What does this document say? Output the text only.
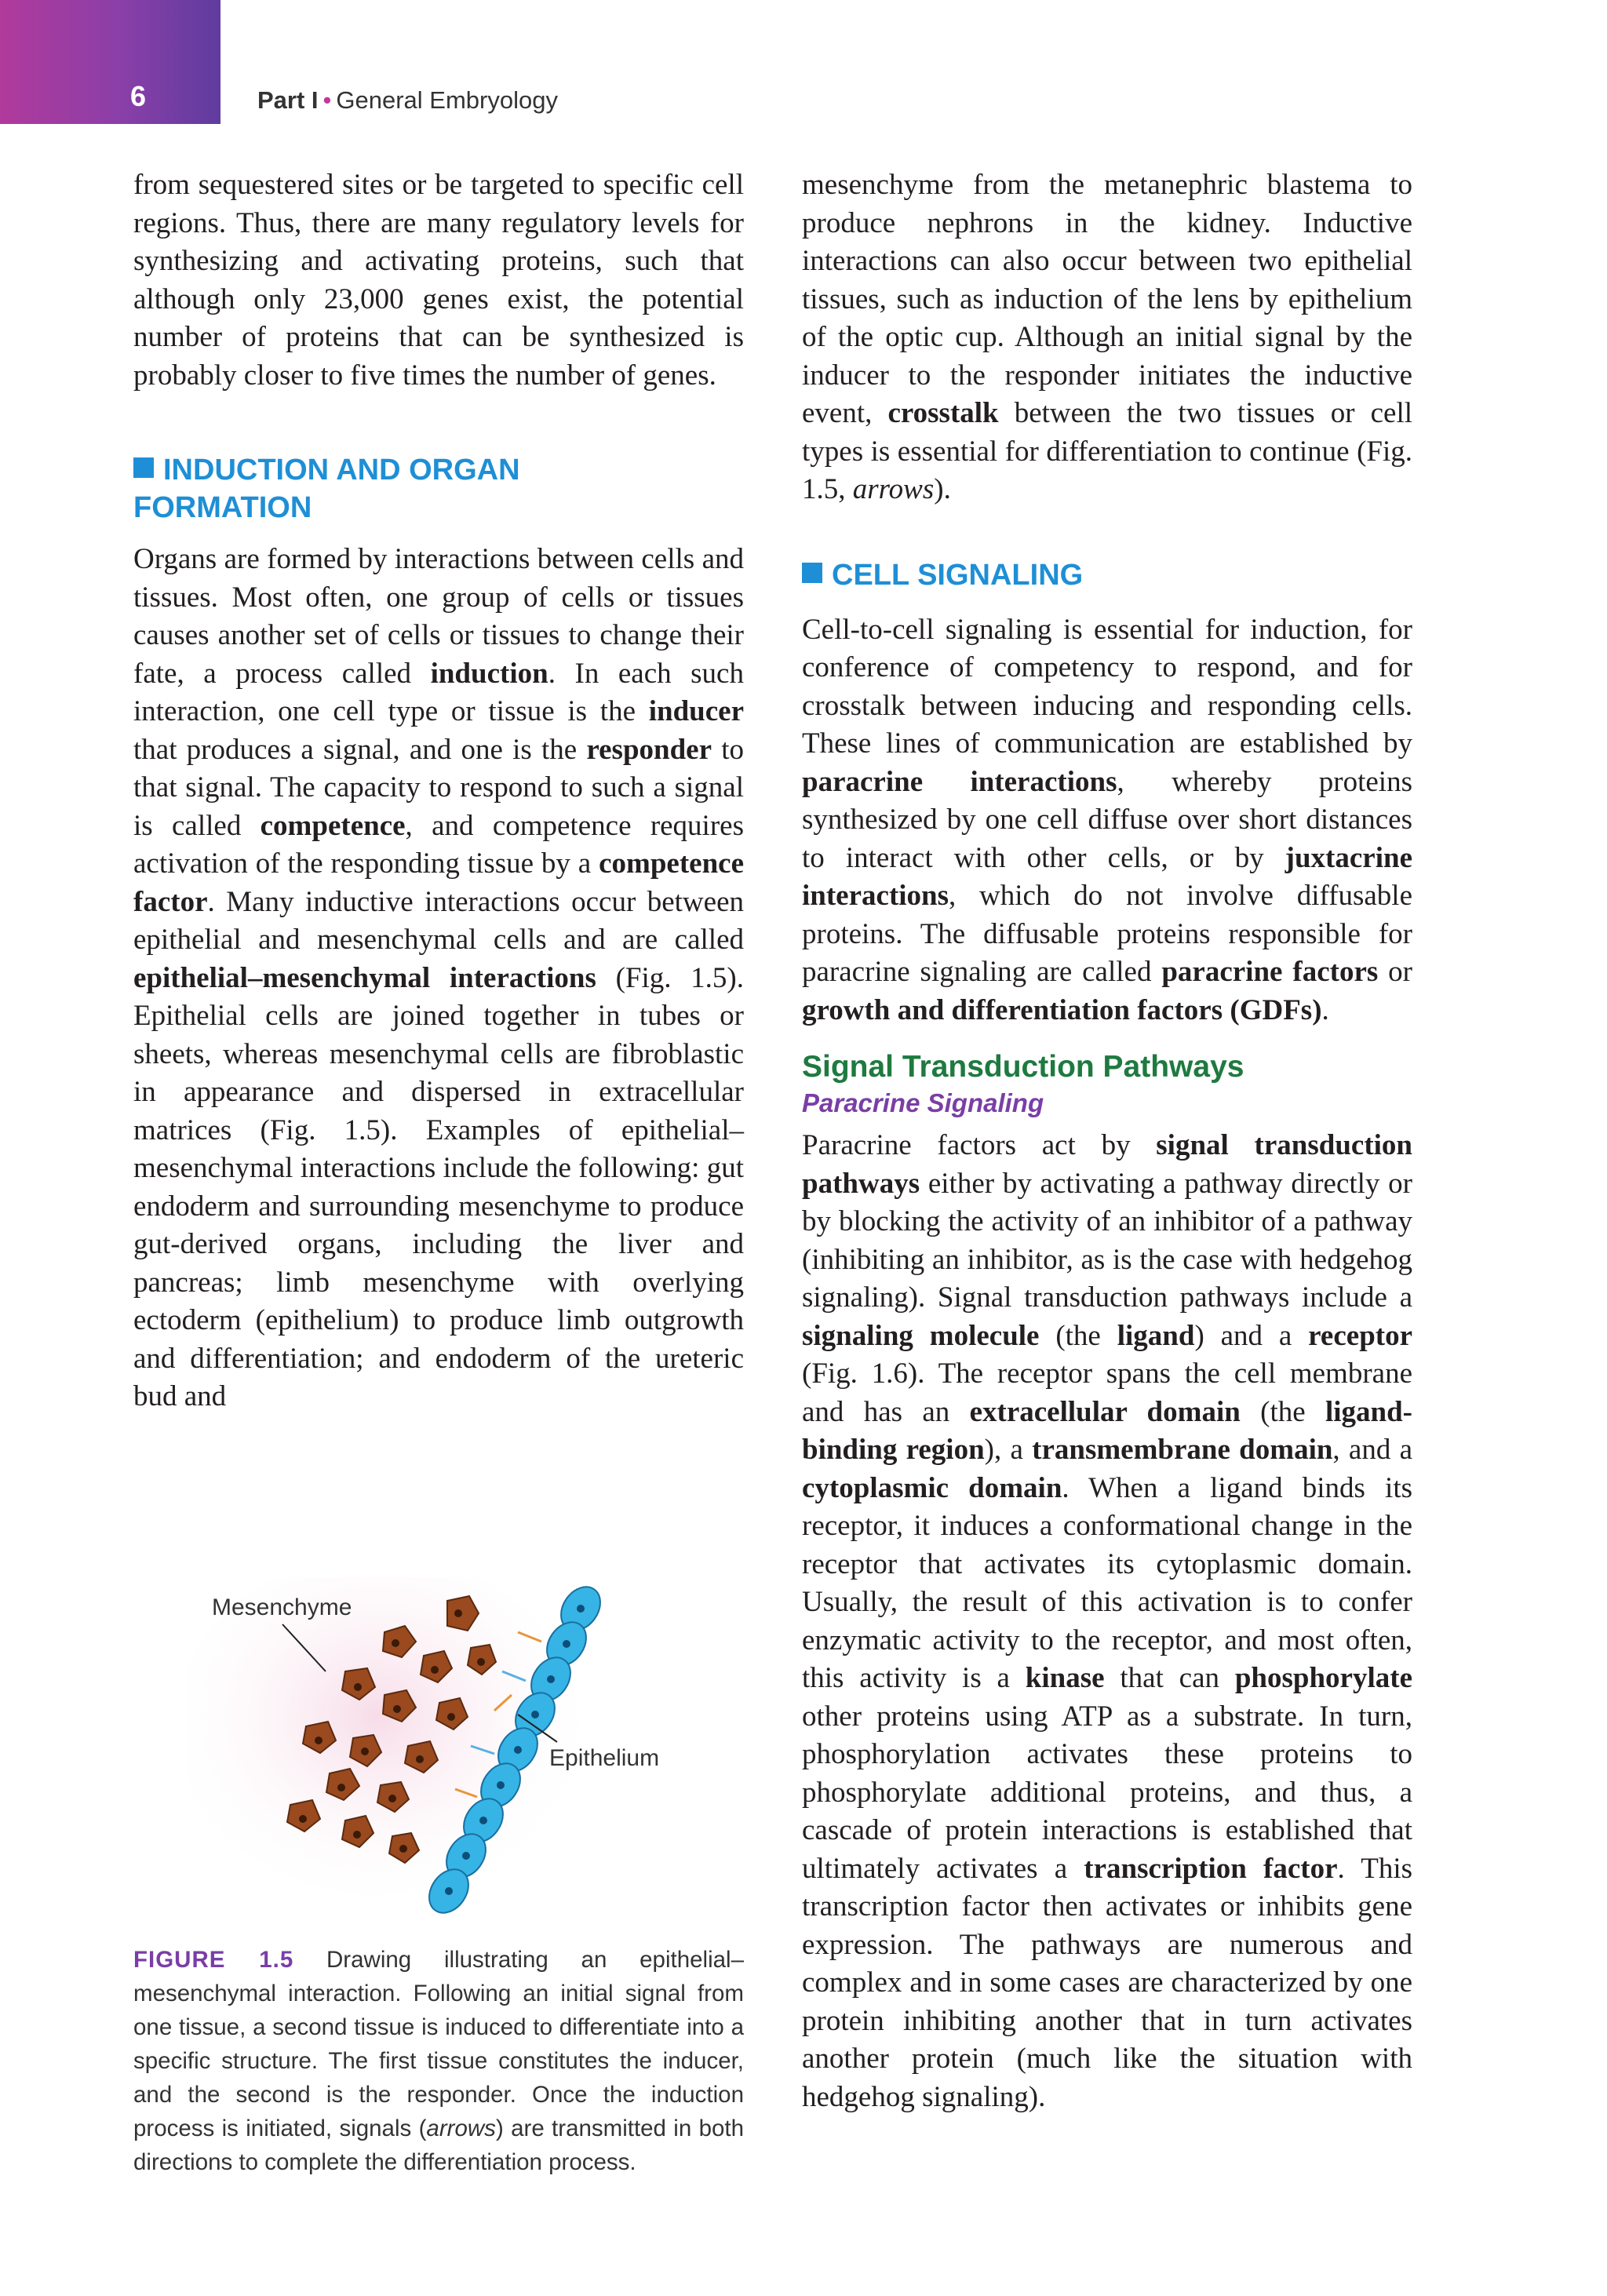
6	Part I • General Embryology

from sequestered sites or be targeted to specific cell regions. Thus, there are many regulatory levels for synthesizing and activating proteins, such that although only 23,000 genes exist, the potential number of proteins that can be synthesized is probably closer to five times the number of genes.

INDUCTION AND ORGAN
FORMATION

Organs are formed by interactions between cells and tissues. Most often, one group of cells or tissues causes another set of cells or tissues to change their fate, a process called induction. In each such interaction, one cell type or tissue is the inducer that produces a signal, and one is the responder to that signal. The capacity to respond to such a signal is called competence, and competence requires activation of the responding tissue by a competence factor. Many inductive interactions occur between epithelial and mesenchymal cells and are called epithelial–mesenchymal interactions (Fig. 1.5). Epithelial cells are joined together in tubes or sheets, whereas mesenchymal cells are fibroblastic in appearance and dispersed in extracellular matrices (Fig. 1.5). Examples of epithelial–mesenchymal interactions include the following: gut endoderm and surrounding mesenchyme to produce gut-derived organs, including the liver and pancreas; limb mesenchyme with overlying ectoderm (epithelium) to produce limb outgrowth and differentiation; and endoderm of the ureteric bud and

Mesenchyme
Epithelium
FIGURE 1.5 Drawing illustrating an epithelial–mesenchymal interaction. Following an initial signal from one tissue, a second tissue is induced to differentiate into a specific structure. The first tissue constitutes the inducer, and the second is the responder. Once the induction process is initiated, signals (arrows) are transmitted in both directions to complete the differentiation process.

mesenchyme from the metanephric blastema to produce nephrons in the kidney. Inductive interactions can also occur between two epithelial tissues, such as induction of the lens by epithelium of the optic cup. Although an initial signal by the inducer to the responder initiates the inductive event, crosstalk between the two tissues or cell types is essential for differentiation to continue (Fig. 1.5, arrows).

CELL SIGNALING

Cell-to-cell signaling is essential for induction, for conference of competency to respond, and for crosstalk between inducing and responding cells. These lines of communication are established by paracrine interactions, whereby proteins synthesized by one cell diffuse over short distances to interact with other cells, or by juxtacrine interactions, which do not involve diffusable proteins. The diffusable proteins responsible for paracrine signaling are called paracrine factors or growth and differentiation factors (GDFs).

Signal Transduction Pathways
Paracrine Signaling

Paracrine factors act by signal transduction pathways either by activating a pathway directly or by blocking the activity of an inhibitor of a pathway (inhibiting an inhibitor, as is the case with hedgehog signaling). Signal transduction pathways include a signaling molecule (the ligand) and a receptor (Fig. 1.6). The receptor spans the cell membrane and has an extracellular domain (the ligand-binding region), a transmembrane domain, and a cytoplasmic domain. When a ligand binds its receptor, it induces a conformational change in the receptor that activates its cytoplasmic domain. Usually, the result of this activation is to confer enzymatic activity to the receptor, and most often, this activity is a kinase that can phosphorylate other proteins using ATP as a substrate. In turn, phosphorylation activates these proteins to phosphorylate additional proteins, and thus, a cascade of protein interactions is established that ultimately activates a transcription factor. This transcription factor then activates or inhibits gene expression. The pathways are numerous and complex and in some cases are characterized by one protein inhibiting another that in turn activates another protein (much like the situation with hedgehog signaling).
